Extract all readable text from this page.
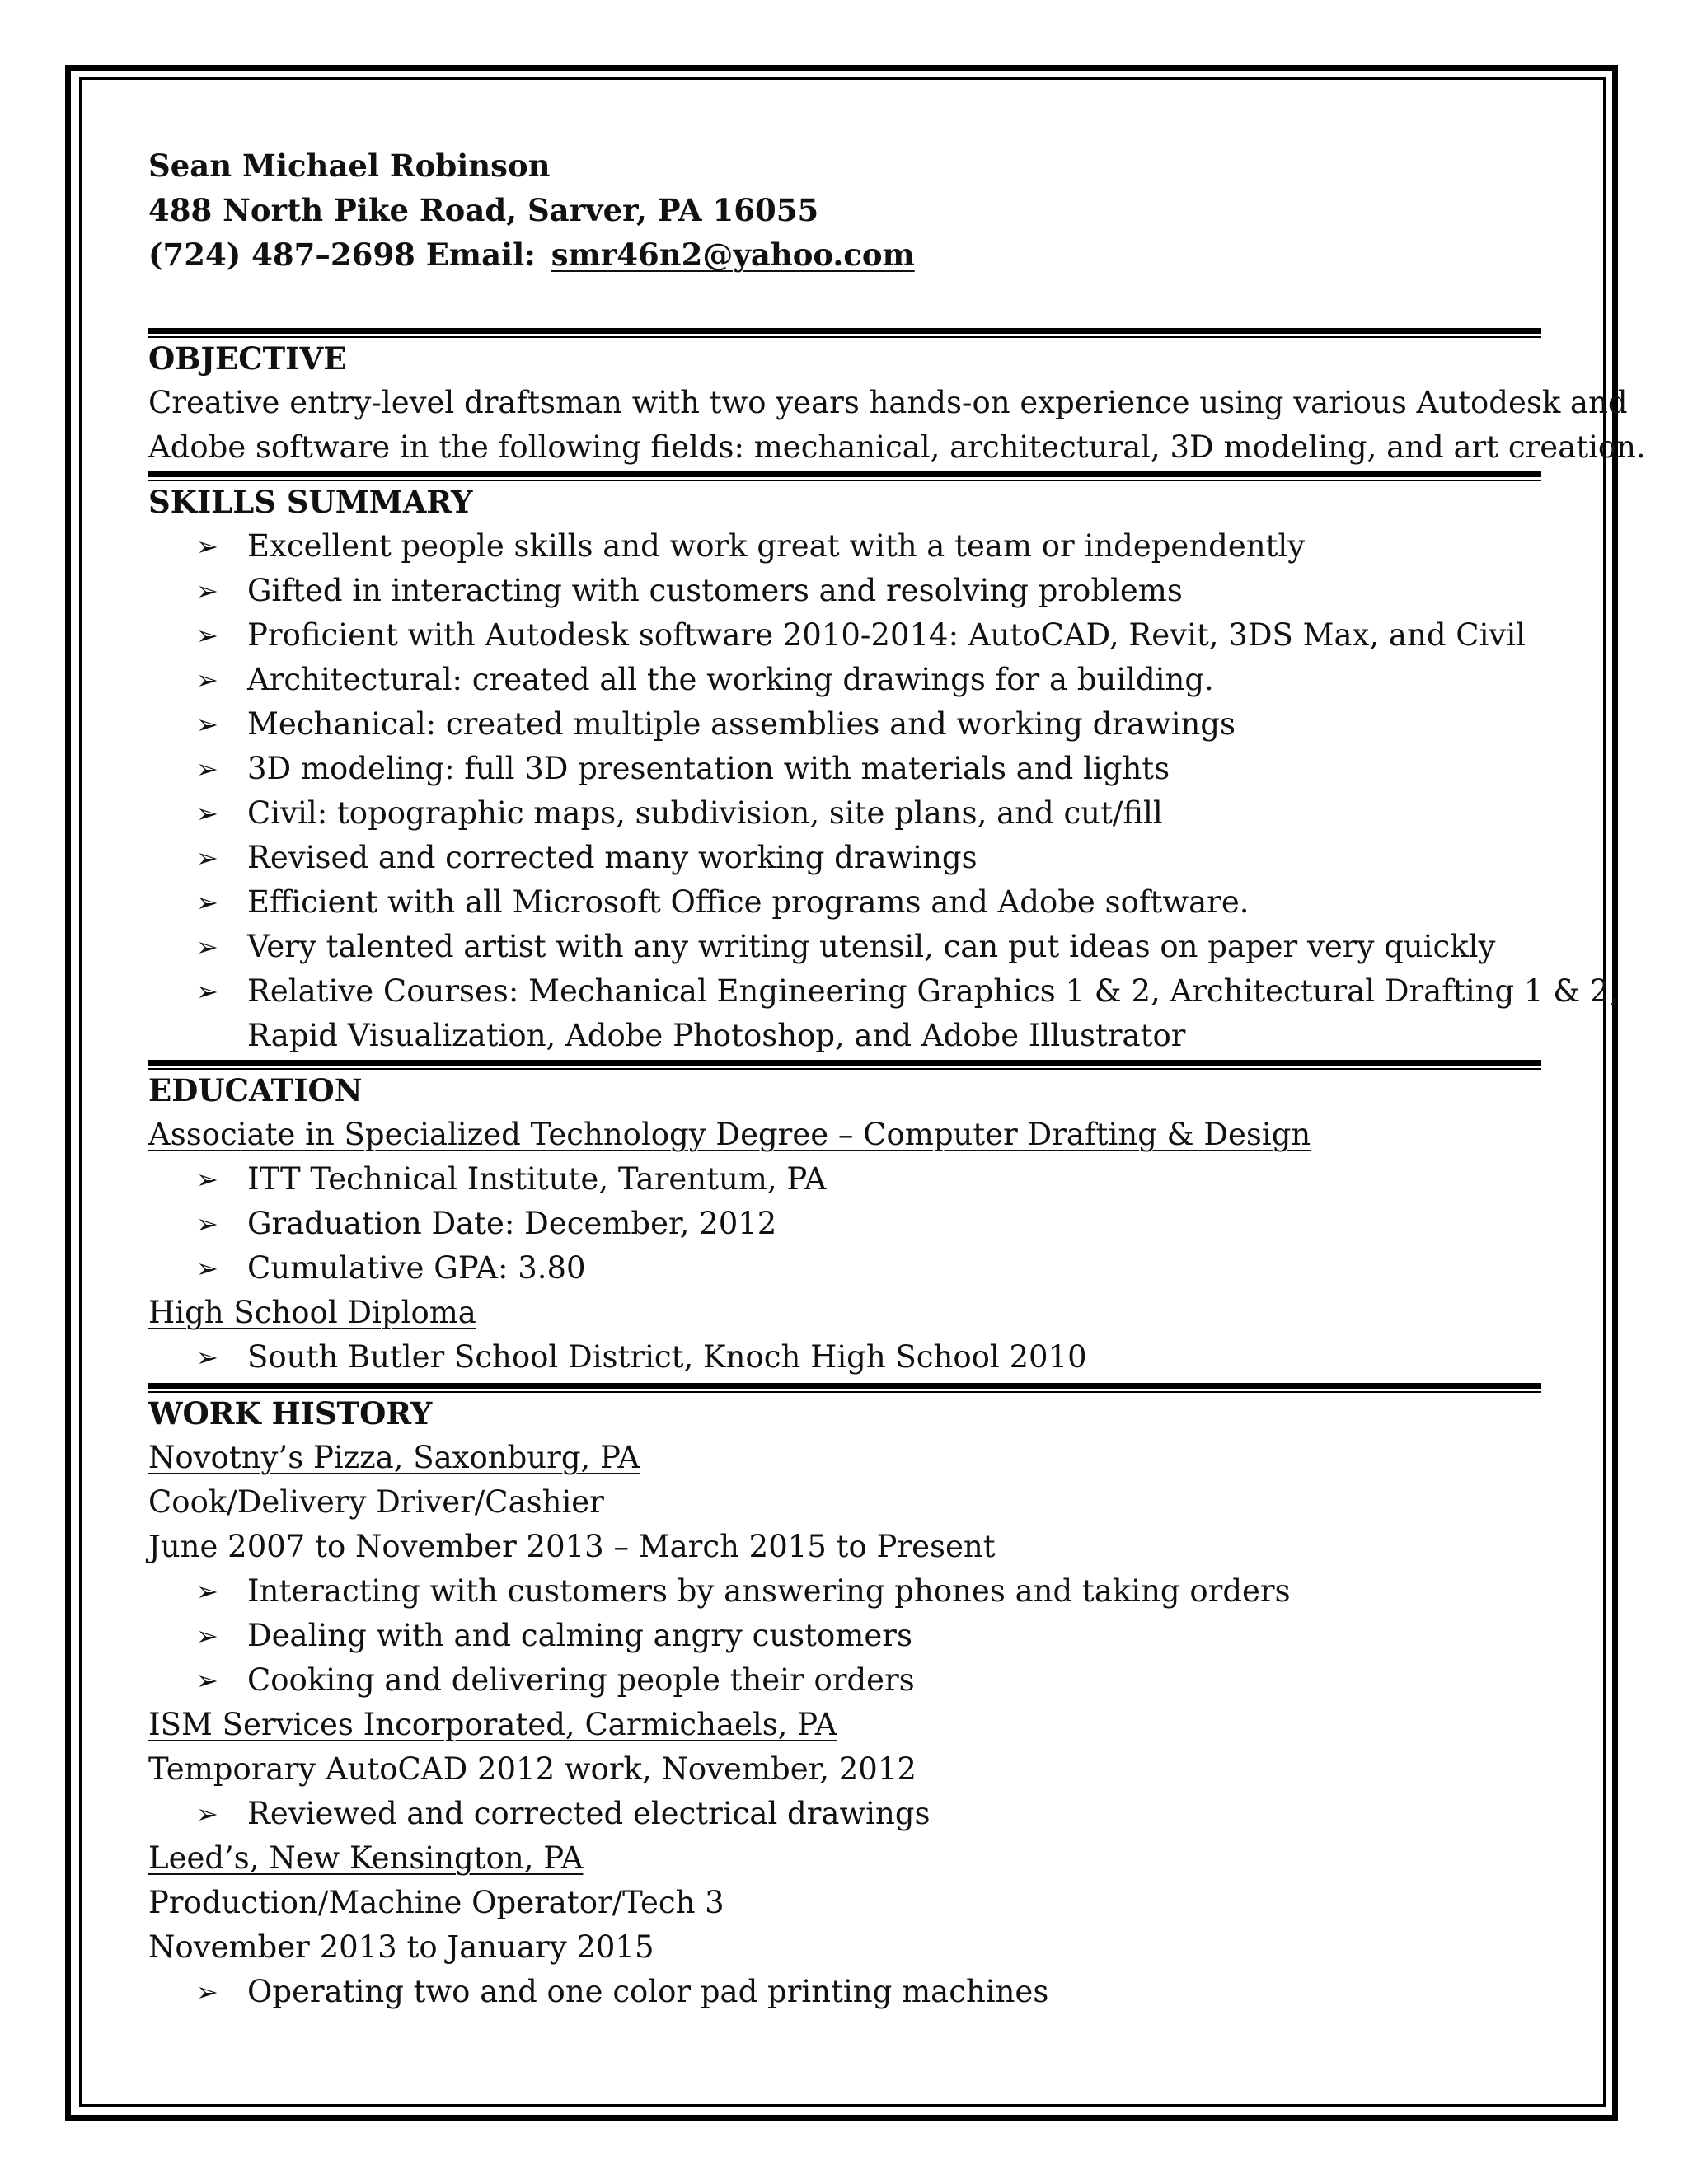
Sean Michael Robinson
488 North Pike Road, Sarver, PA 16055
(724) 487–2698 Email: smr46n2@yahoo.com
OBJECTIVE
Creative entry-level draftsman with two years hands-on experience using various Autodesk and
Adobe software in the following fields: mechanical, architectural, 3D modeling, and art creation.
SKILLS SUMMARY
➢ Excellent people skills and work great with a team or independently
➢ Gifted in interacting with customers and resolving problems
➢ Proficient with Autodesk software 2010-2014: AutoCAD, Revit, 3DS Max, and Civil
➢ Architectural: created all the working drawings for a building.
➢ Mechanical: created multiple assemblies and working drawings
➢ 3D modeling: full 3D presentation with materials and lights
➢ Civil: topographic maps, subdivision, site plans, and cut/fill
➢ Revised and corrected many working drawings
➢ Efficient with all Microsoft Office programs and Adobe software.
➢ Very talented artist with any writing utensil, can put ideas on paper very quickly
➢ Relative Courses: Mechanical Engineering Graphics 1 & 2, Architectural Drafting 1 & 2,
Rapid Visualization, Adobe Photoshop, and Adobe Illustrator
EDUCATION
Associate in Specialized Technology Degree – Computer Drafting & Design
➢ ITT Technical Institute, Tarentum, PA
➢ Graduation Date: December, 2012
➢ Cumulative GPA: 3.80
High School Diploma
➢ South Butler School District, Knoch High School 2010
WORK HISTORY
Novotny’s Pizza, Saxonburg, PA
Cook/Delivery Driver/Cashier
June 2007 to November 2013 – March 2015 to Present
➢ Interacting with customers by answering phones and taking orders
➢ Dealing with and calming angry customers
➢ Cooking and delivering people their orders
ISM Services Incorporated, Carmichaels, PA
Temporary AutoCAD 2012 work, November, 2012
➢ Reviewed and corrected electrical drawings
Leed’s, New Kensington, PA
Production/Machine Operator/Tech 3
November 2013 to January 2015
➢ Operating two and one color pad printing machines
